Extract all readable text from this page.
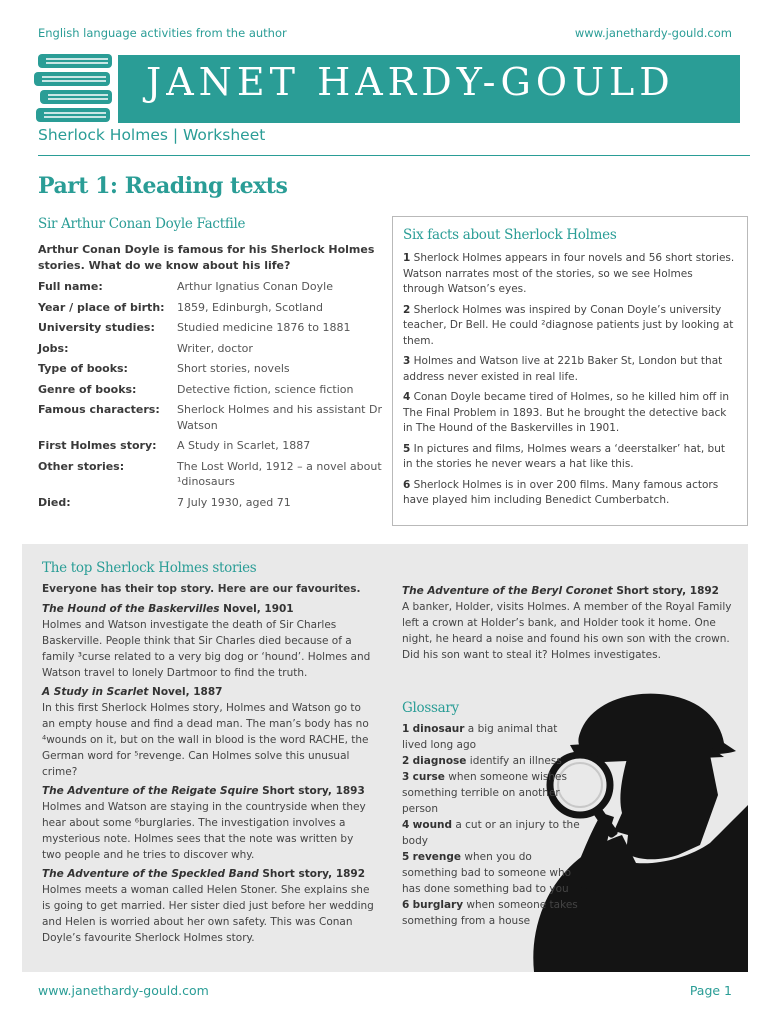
English language activities from the author	www.janethardy-gould.com
JANET HARDY-GOULD
Sherlock Holmes | Worksheet
Part 1: Reading texts
Sir Arthur Conan Doyle Factfile

Arthur Conan Doyle is famous for his Sherlock Holmes stories. What do we know about his life?

Full name:	Arthur Ignatius Conan Doyle
Year / place of birth:	1859, Edinburgh, Scotland
University studies:	Studied medicine 1876 to 1881
Jobs:	Writer, doctor
Type of books:	Short stories, novels
Genre of books:	Detective fiction, science fiction
Famous characters:	Sherlock Holmes and his assistant Dr Watson
First Holmes story:	A Study in Scarlet, 1887
Other stories:	The Lost World, 1912 – a novel about ¹dinosaurs
Died:	7 July 1930, aged 71
Six facts about Sherlock Holmes

1 Sherlock Holmes appears in four novels and 56 short stories. Watson narrates most of the stories, so we see Holmes through Watson’s eyes.

2 Sherlock Holmes was inspired by Conan Doyle’s university teacher, Dr Bell. He could ²diagnose patients just by looking at them.

3 Holmes and Watson live at 221b Baker St, London but that address never existed in real life.

4 Conan Doyle became tired of Holmes, so he killed him off in The Final Problem in 1893. But he brought the detective back in The Hound of the Baskervilles in 1901.

5 In pictures and films, Holmes wears a ‘deerstalker’ hat, but in the stories he never wears a hat like this.

6 Sherlock Holmes is in over 200 films. Many famous actors have played him including Benedict Cumberbatch.

The top Sherlock Holmes stories

Everyone has their top story. Here are our favourites.

The Hound of the Baskervilles Novel, 1901
Holmes and Watson investigate the death of Sir Charles Baskerville. People think that Sir Charles died because of a family ³curse related to a very big dog or ‘hound’. Holmes and Watson travel to lonely Dartmoor to find the truth.
A Study in Scarlet Novel, 1887
In this first Sherlock Holmes story, Holmes and Watson go to an empty house and find a dead man. The man’s body has no ⁴wounds on it, but on the wall in blood is the word RACHE, the German word for ⁵revenge. Can Holmes solve this unusual crime?
The Adventure of the Reigate Squire Short story, 1893
Holmes and Watson are staying in the countryside when they hear about some ⁶burglaries. The investigation involves a mysterious note. Holmes sees that the note was written by two people and he tries to discover why.
The Adventure of the Speckled Band Short story, 1892
Holmes meets a woman called Helen Stoner. She explains she is going to get married. Her sister died just before her wedding and Helen is worried about her own safety. This was Conan Doyle’s favourite Sherlock Holmes story.
The Adventure of the Beryl Coronet Short story, 1892
A banker, Holder, visits Holmes. A member of the Royal Family left a crown at Holder’s bank, and Holder took it home. One night, he heard a noise and found his own son with the crown. Did his son want to steal it? Holmes investigates.
Glossary
1 dinosaur a big animal that lived long ago
2 diagnose identify an illness
3 curse when someone wishes something terrible on another person
4 wound a cut or an injury to the body
5 revenge when you do something bad to someone who has done something bad to you
6 burglary when someone takes something from a house
www.janethardy-gould.com	Page 1
